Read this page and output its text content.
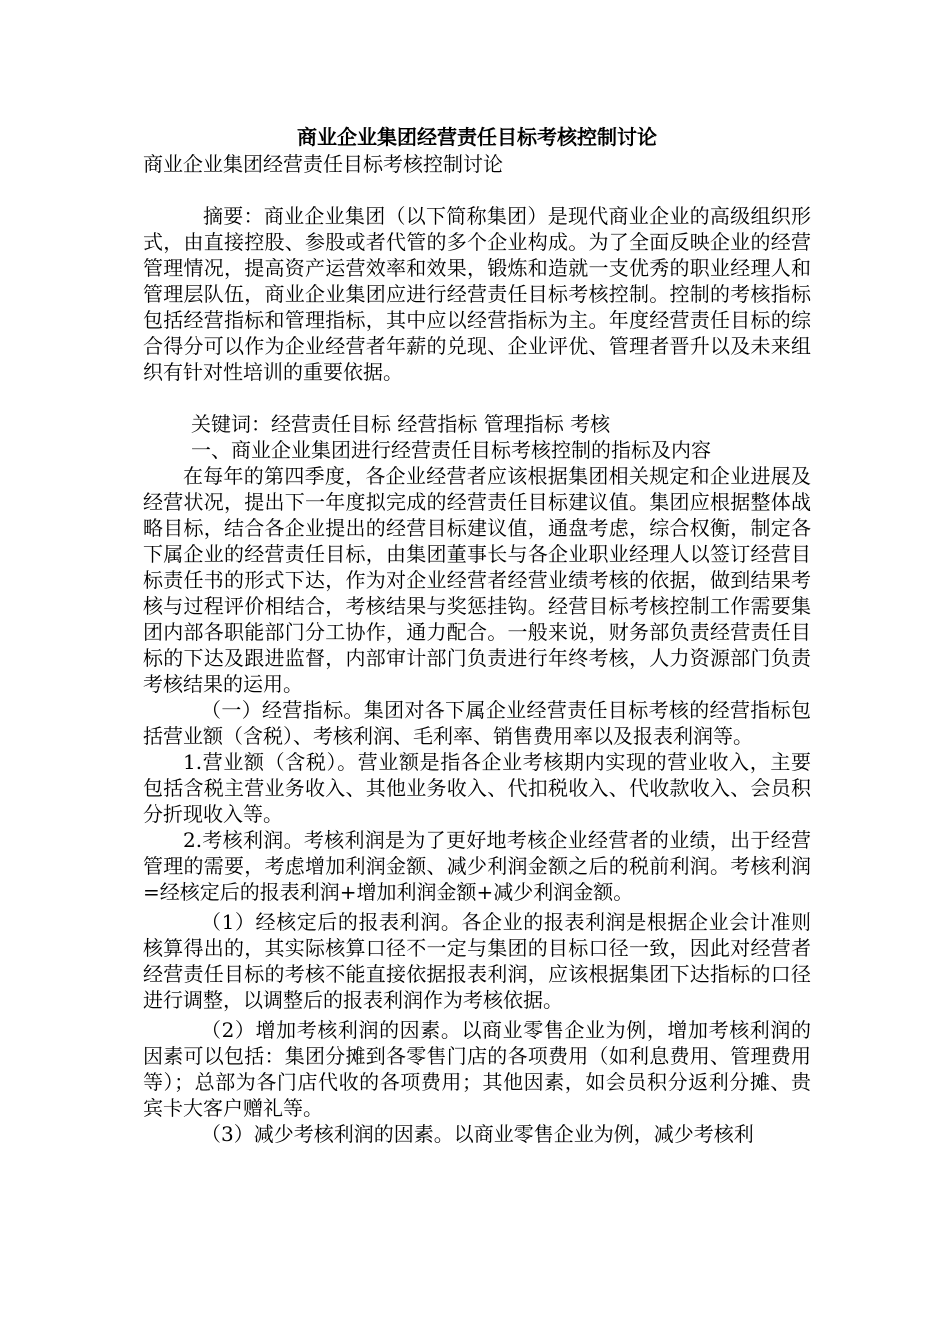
商业企业集团经营责任目标考核控制讨论

商业企业集团经营责任目标考核控制讨论

摘要：商业企业集团（以下简称集团）是现代商业企业的高级组织形式，由直接控股、参股或者代管的多个企业构成。为了全面反映企业的经营管理情况，提高资产运营效率和效果，锻炼和造就一支优秀的职业经理人和管理层队伍，商业企业集团应进行经营责任目标考核控制。控制的考核指标包括经营指标和管理指标，其中应以经营指标为主。年度经营责任目标的综合得分可以作为企业经营者年薪的兑现、企业评优、管理者晋升以及未来组织有针对性培训的重要依据。

关键词：经营责任目标 经营指标 管理指标 考核

一、商业企业集团进行经营责任目标考核控制的指标及内容

在每年的第四季度，各企业经营者应该根据集团相关规定和企业进展及经营状况，提出下一年度拟完成的经营责任目标建议值。集团应根据整体战略目标，结合各企业提出的经营目标建议值，通盘考虑，综合权衡，制定各下属企业的经营责任目标，由集团董事长与各企业职业经理人以签订经营目标责任书的形式下达，作为对企业经营者经营业绩考核的依据，做到结果考核与过程评价相结合，考核结果与奖惩挂钩。经营目标考核控制工作需要集团内部各职能部门分工协作，通力配合。一般来说，财务部负责经营责任目标的下达及跟进监督，内部审计部门负责进行年终考核，人力资源部门负责考核结果的运用。

（一）经营指标。集团对各下属企业经营责任目标考核的经营指标包括营业额（含税）、考核利润、毛利率、销售费用率以及报表利润等。

1.营业额（含税）。营业额是指各企业考核期内实现的营业收入，主要包括含税主营业务收入、其他业务收入、代扣税收入、代收款收入、会员积分折现收入等。

2.考核利润。考核利润是为了更好地考核企业经营者的业绩，出于经营管理的需要，考虑增加利润金额、减少利润金额之后的税前利润。考核利润=经核定后的报表利润+增加利润金额+减少利润金额。

（1）经核定后的报表利润。各企业的报表利润是根据企业会计准则核算得出的，其实际核算口径不一定与集团的目标口径一致，因此对经营者经营责任目标的考核不能直接依据报表利润，应该根据集团下达指标的口径进行调整，以调整后的报表利润作为考核依据。

（2）增加考核利润的因素。以商业零售企业为例，增加考核利润的因素可以包括：集团分摊到各零售门店的各项费用（如利息费用、管理费用等）；总部为各门店代收的各项费用；其他因素，如会员积分返利分摊、贵宾卡大客户赠礼等。

（3）减少考核利润的因素。以商业零售企业为例，减少考核利
